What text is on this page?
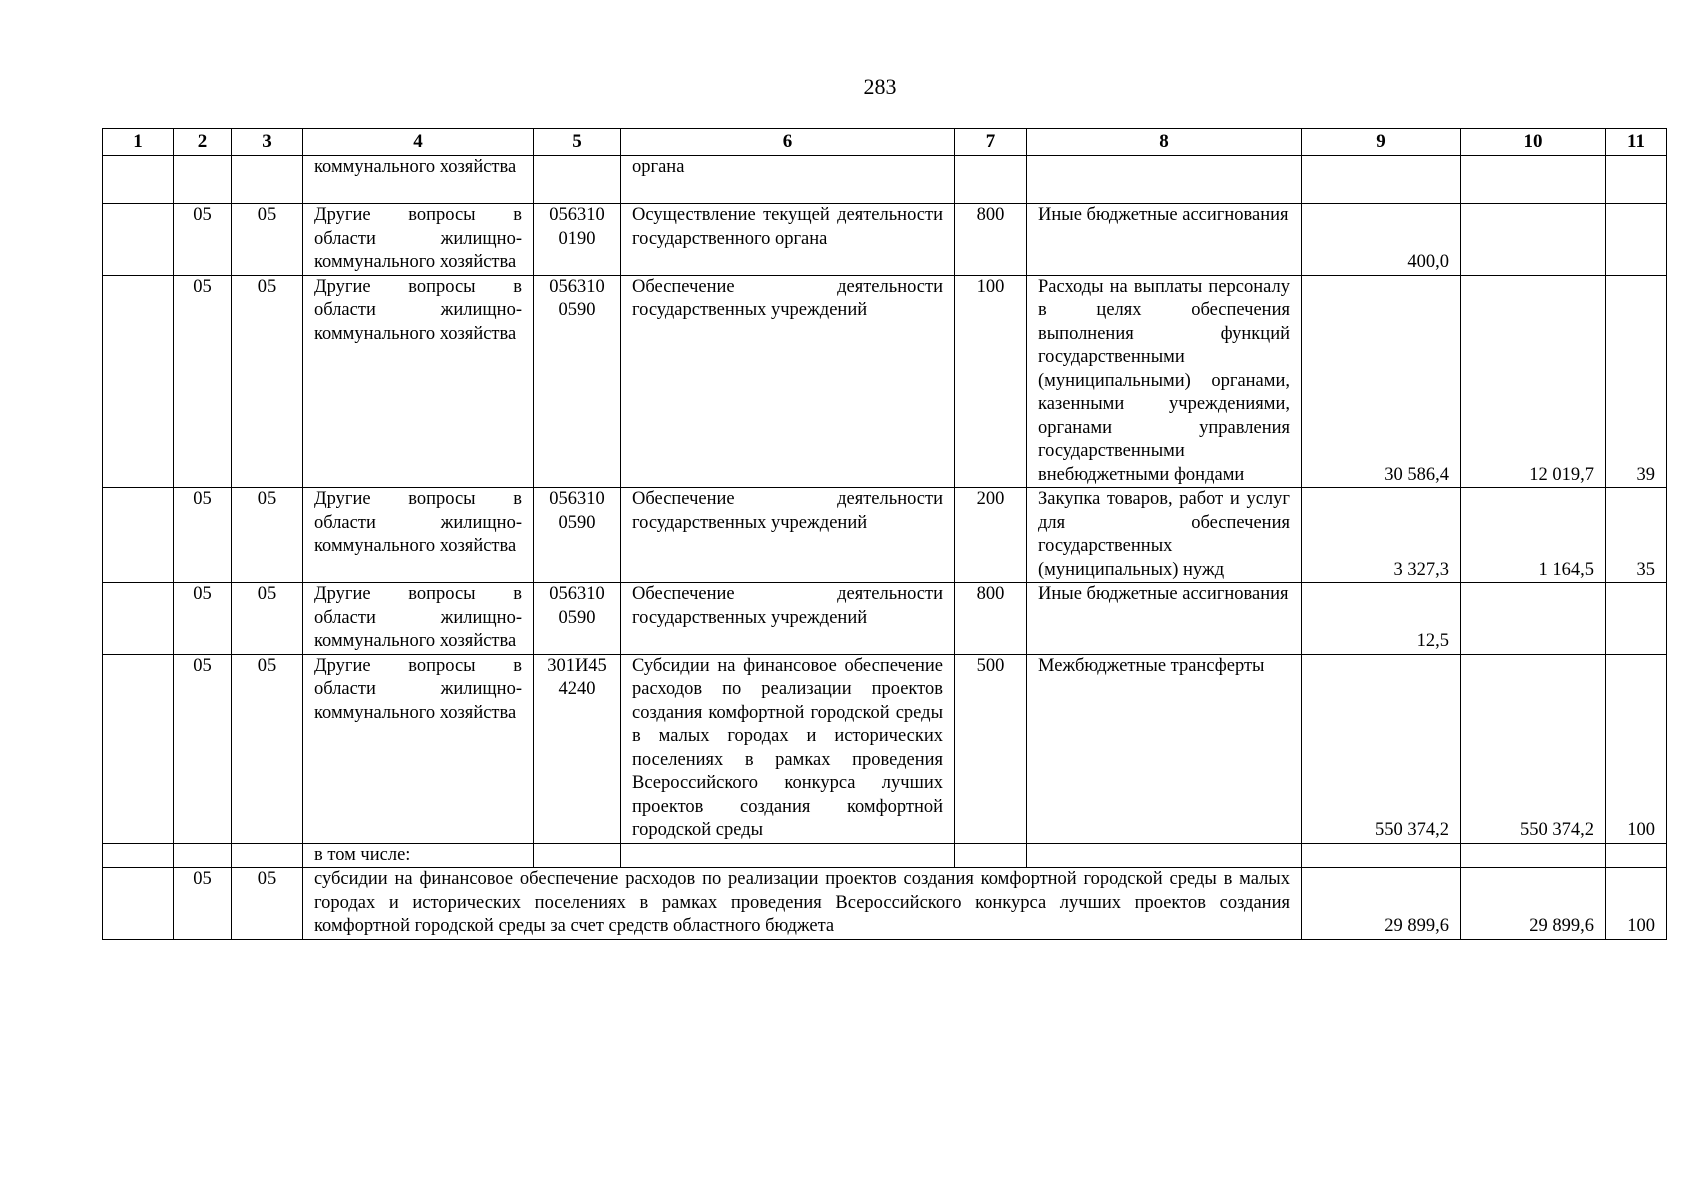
283
1	2	3	4	5	6	7	8	9	10	11
			коммунального хозяйства		органа					
	05	05	Другие вопросы в области жилищно-коммунального хозяйства	0563100190	Осуществление текущей деятельности государственного органа	800	Иные бюджетные ассигнования	400,0		
	05	05	Другие вопросы в области жилищно-коммунального хозяйства	0563100590	Обеспечение деятельности государственных учреждений	100	Расходы на выплаты персоналу в целях обеспечения выполнения функций государственными (муниципальными) органами, казенными учреждениями, органами управления государственными внебюджетными фондами	30 586,4	12 019,7	39
	05	05	Другие вопросы в области жилищно-коммунального хозяйства	0563100590	Обеспечение деятельности государственных учреждений	200	Закупка товаров, работ и услуг для обеспечения государственных (муниципальных) нужд	3 327,3	1 164,5	35
	05	05	Другие вопросы в области жилищно-коммунального хозяйства	0563100590	Обеспечение деятельности государственных учреждений	800	Иные бюджетные ассигнования	12,5		
	05	05	Другие вопросы в области жилищно-коммунального хозяйства	301И454240	Субсидии на финансовое обеспечение расходов по реализации проектов создания комфортной городской среды в малых городах и исторических поселениях в рамках проведения Всероссийского конкурса лучших проектов создания комфортной городской среды	500	Межбюджетные трансферты	550 374,2	550 374,2	100
			в том числе:							
	05	05	субсидии на финансовое обеспечение расходов по реализации проектов создания комфортной городской среды в малых городах и исторических поселениях в рамках проведения Всероссийского конкурса лучших проектов создания комфортной городской среды за счет средств областного бюджета					29 899,6	29 899,6	100
